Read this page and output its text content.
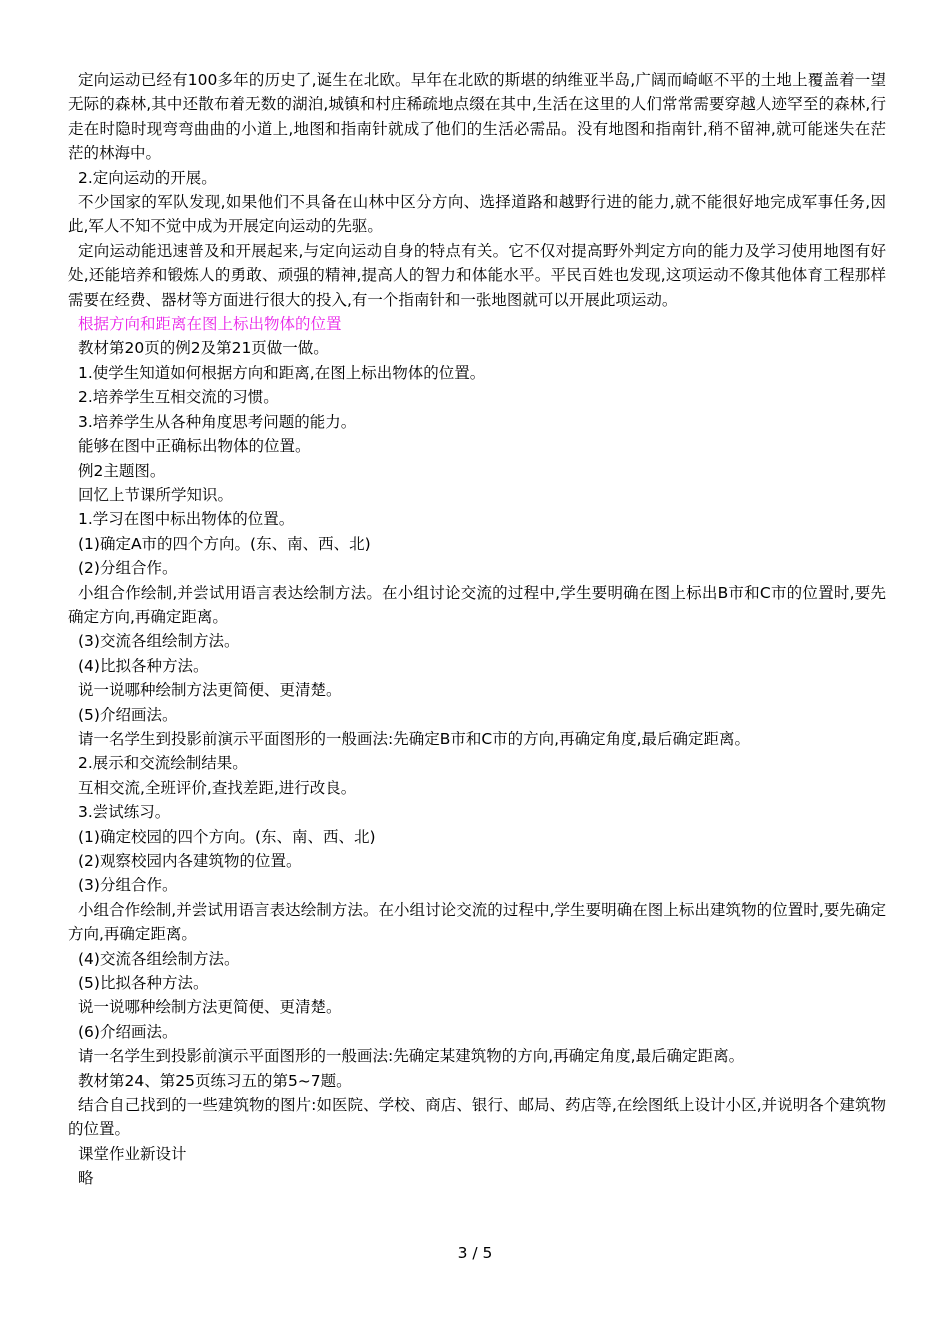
定向运动已经有100多年的历史了,诞生在北欧。早年在北欧的斯堪的纳维亚半岛,广阔而崎岖不平的土地上覆盖着一望无际的森林,其中还散布着无数的湖泊,城镇和村庄稀疏地点缀在其中,生活在这里的人们常常需要穿越人迹罕至的森林,行走在时隐时现弯弯曲曲的小道上,地图和指南针就成了他们的生活必需品。没有地图和指南针,稍不留神,就可能迷失在茫茫的林海中。

2.定向运动的开展。

不少国家的军队发现,如果他们不具备在山林中区分方向、选择道路和越野行进的能力,就不能很好地完成军事任务,因此,军人不知不觉中成为开展定向运动的先驱。

定向运动能迅速普及和开展起来,与定向运动自身的特点有关。它不仅对提高野外判定方向的能力及学习使用地图有好处,还能培养和锻炼人的勇敢、顽强的精神,提高人的智力和体能水平。平民百姓也发现,这项运动不像其他体育工程那样需要在经费、器材等方面进行很大的投入,有一个指南针和一张地图就可以开展此项运动。

根据方向和距离在图上标出物体的位置

教材第20页的例2及第21页做一做。

1.使学生知道如何根据方向和距离,在图上标出物体的位置。

2.培养学生互相交流的习惯。

3.培养学生从各种角度思考问题的能力。

能够在图中正确标出物体的位置。

例2主题图。

回忆上节课所学知识。

1.学习在图中标出物体的位置。

(1)确定A市的四个方向。(东、南、西、北)

(2)分组合作。

小组合作绘制,并尝试用语言表达绘制方法。在小组讨论交流的过程中,学生要明确在图上标出B市和C市的位置时,要先确定方向,再确定距离。

(3)交流各组绘制方法。

(4)比拟各种方法。

说一说哪种绘制方法更简便、更清楚。

(5)介绍画法。

请一名学生到投影前演示平面图形的一般画法:先确定B市和C市的方向,再确定角度,最后确定距离。

2.展示和交流绘制结果。

互相交流,全班评价,查找差距,进行改良。

3.尝试练习。

(1)确定校园的四个方向。(东、南、西、北)

(2)观察校园内各建筑物的位置。

(3)分组合作。

小组合作绘制,并尝试用语言表达绘制方法。在小组讨论交流的过程中,学生要明确在图上标出建筑物的位置时,要先确定方向,再确定距离。

(4)交流各组绘制方法。

(5)比拟各种方法。

说一说哪种绘制方法更简便、更清楚。

(6)介绍画法。

请一名学生到投影前演示平面图形的一般画法:先确定某建筑物的方向,再确定角度,最后确定距离。

教材第24、第25页练习五的第5~7题。

结合自己找到的一些建筑物的图片:如医院、学校、商店、银行、邮局、药店等,在绘图纸上设计小区,并说明各个建筑物的位置。

课堂作业新设计

略

3 / 5
